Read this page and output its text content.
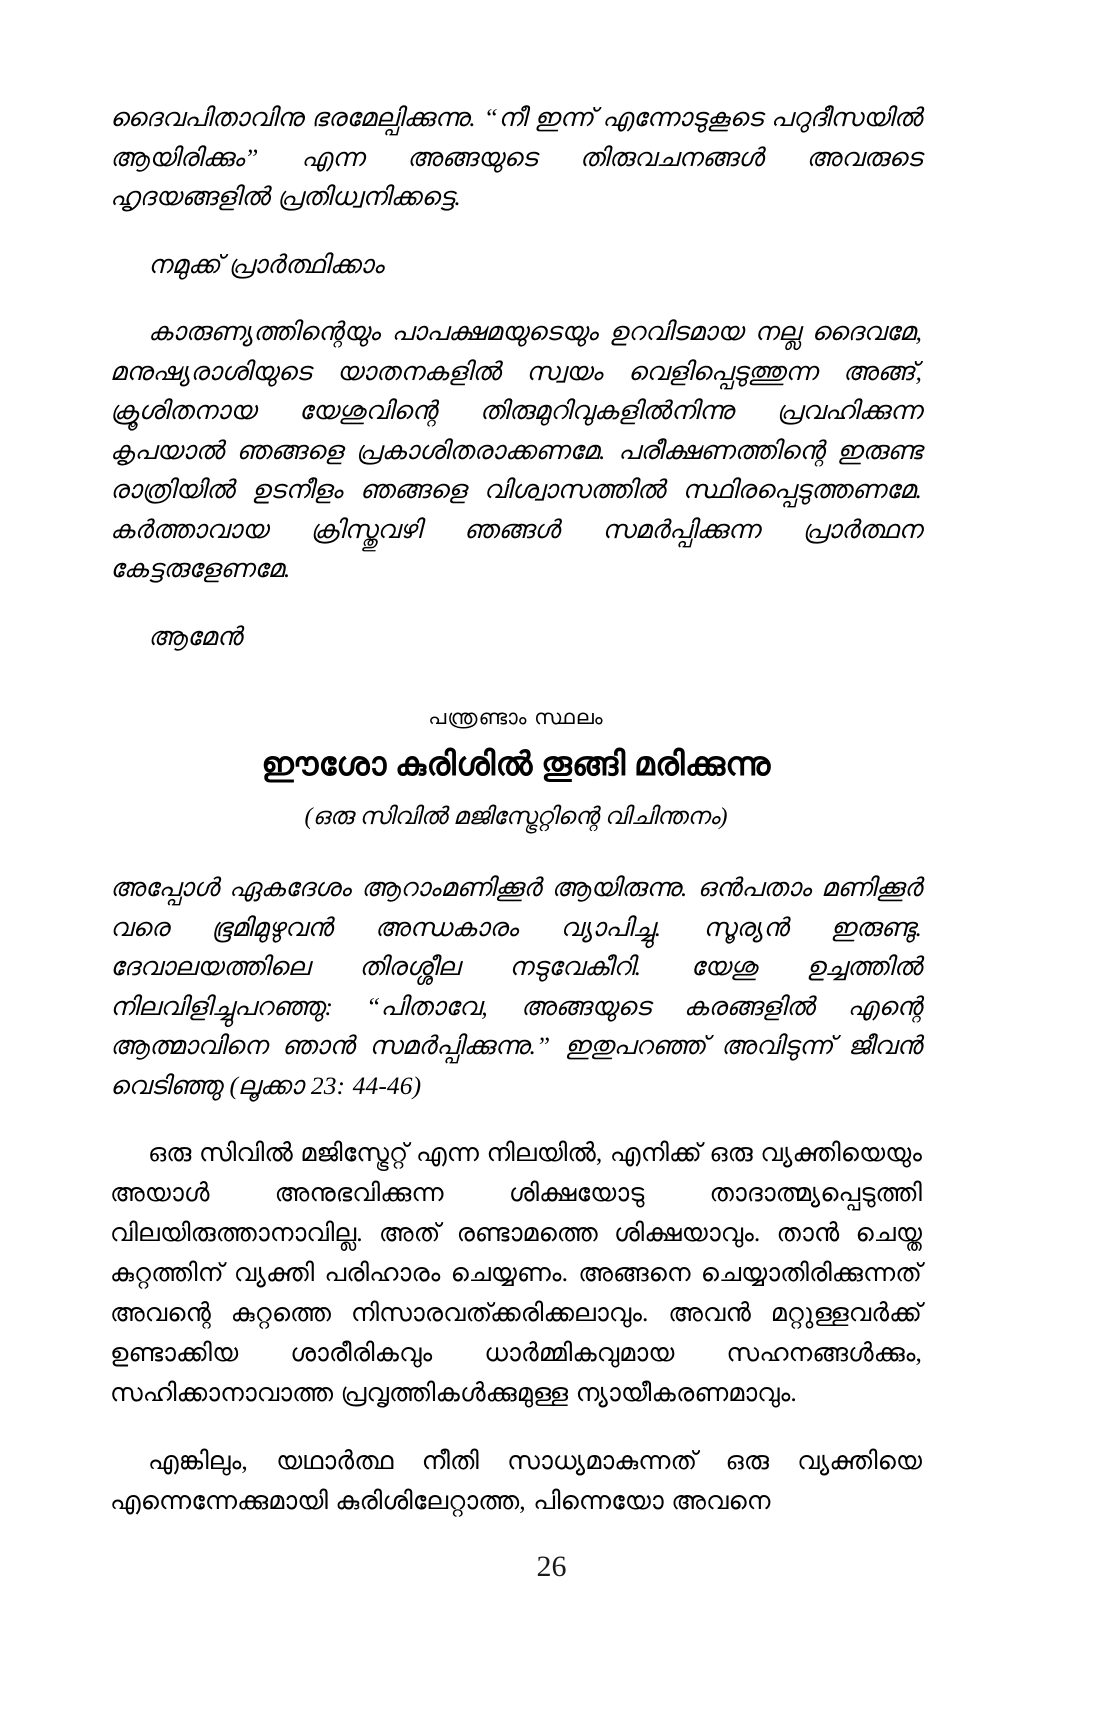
ദൈവപിതാവിനു ഭരമേല്പിക്കുന്നു. “നീ ഇന്ന് എന്നോടുകൂടെ പറുദീസയില്‍ ആയിരിക്കും” എന്ന അങ്ങയുടെ തിരുവചനങ്ങള്‍ അവരുടെ ഹൃദയങ്ങളില്‍ പ്രതിധ്വനിക്കട്ടെ.

നമുക്ക് പ്രാര്‍ത്ഥിക്കാം

കാരുണ്യത്തിന്റെയും പാപക്ഷമയുടെയും ഉറവിടമായ നല്ല ദൈവമേ, മനുഷ്യരാശിയുടെ യാതനകളില്‍ സ്വയം വെളിപ്പെടുത്തുന്ന അങ്ങ്, ക്രൂശിതനായ യേശുവിന്റെ തിരുമുറിവുകളില്‍നിന്നു പ്രവഹിക്കുന്ന കൃപയാല്‍ ഞങ്ങളെ പ്രകാശിതരാക്കണമേ. പരീക്ഷണത്തിന്റെ ഇരുണ്ട രാത്രിയില്‍ ഉടനീളം ഞങ്ങളെ വിശ്വാസത്തില്‍ സ്ഥിരപ്പെടുത്തണമേ. കര്‍ത്താവായ ക്രിസ്തുവഴി ഞങ്ങള്‍ സമര്‍പ്പിക്കുന്ന പ്രാര്‍ത്ഥന കേട്ടരുളേണമേ.

ആമേന്‍

പന്ത്രണ്ടാം സ്ഥലം

ഈശോ കുരിശില്‍ തൂങ്ങി മരിക്കുന്നു

(ഒരു സിവില്‍ മജിസ്ട്രേറ്റിന്റെ വിചിന്തനം)

അപ്പോള്‍ ഏകദേശം ആറാംമണിക്കൂര്‍ ആയിരുന്നു. ഒന്‍പതാം മണിക്കൂര്‍ വരെ ഭൂമിമുഴുവന്‍ അന്ധകാരം വ്യാപിച്ചു. സൂര്യന്‍ ഇരുണ്ടു. ദേവാലയത്തിലെ തിരശ്ശീല നടുവേകീറി. യേശു ഉച്ചത്തില്‍ നിലവിളിച്ചുപറഞ്ഞു: “പിതാവേ, അങ്ങയുടെ കരങ്ങളില്‍ എന്റെ ആത്മാവിനെ ഞാന്‍ സമര്‍പ്പിക്കുന്നു.” ഇതുപറഞ്ഞ് അവിടുന്ന് ജീവന്‍ വെടിഞ്ഞു (ലൂക്കാ 23: 44-46)

ഒരു സിവില്‍ മജിസ്ട്രേറ്റ് എന്ന നിലയില്‍, എനിക്ക് ഒരു വ്യക്തിയെയും അയാള്‍ അനുഭവിക്കുന്ന ശിക്ഷയോടു താദാത്മ്യപ്പെടുത്തി വിലയിരുത്താനാവില്ല. അത് രണ്ടാമത്തെ ശിക്ഷയാവും. താന്‍ ചെയ്ത കുറ്റത്തിന് വ്യക്തി പരിഹാരം ചെയ്യണം. അങ്ങനെ ചെയ്യാതിരിക്കുന്നത് അവന്റെ കുറ്റത്തെ നിസാരവത്ക്കരിക്കലാവും. അവന്‍ മറ്റുള്ളവര്‍ക്ക് ഉണ്ടാക്കിയ ശാരീരികവും ധാര്‍മ്മികവുമായ സഹനങ്ങള്‍ക്കും, സഹിക്കാനാവാത്ത പ്രവൃത്തികള്‍ക്കുമുള്ള ന്യായീകരണമാവും.

എങ്കിലും, യഥാര്‍ത്ഥ നീതി സാധ്യമാകുന്നത് ഒരു വ്യക്തിയെ എന്നെന്നേക്കുമായി കുരിശിലേറ്റാത്ത, പിന്നെയോ അവനെ

26
